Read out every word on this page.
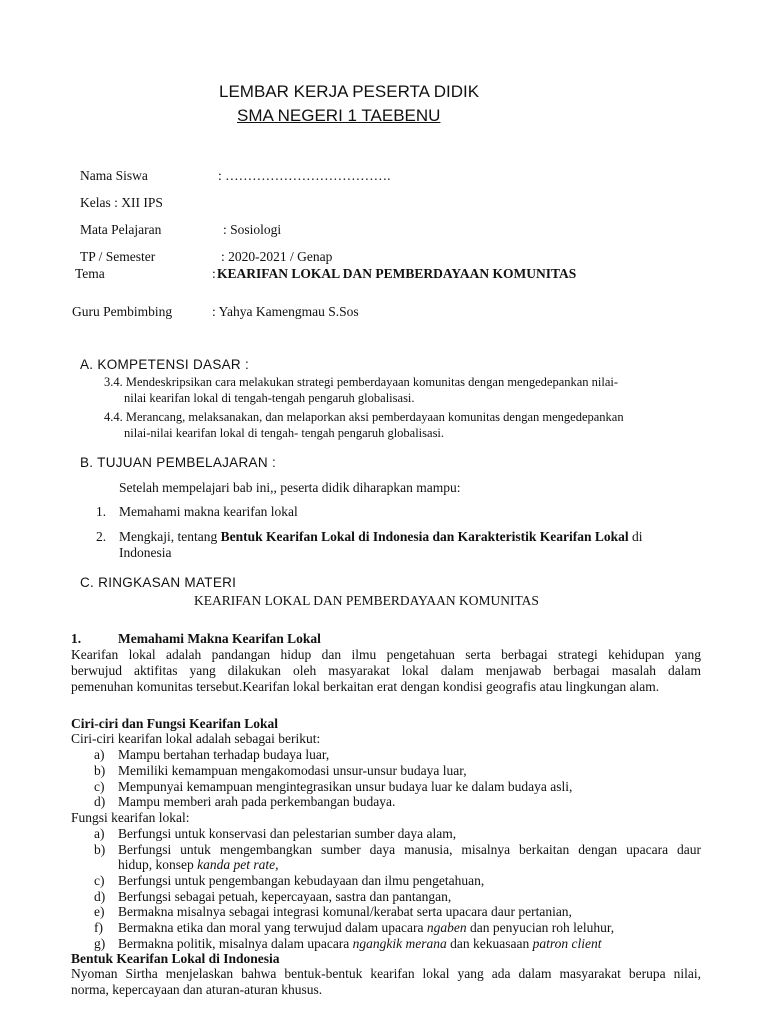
LEMBAR KERJA PESERTA DIDIK
SMA NEGERI 1 TAEBENU
Nama Siswa	: ……………………………….
Kelas : XII IPS
Mata Pelajaran	: Sosiologi
TP / Semester	: 2020-2021 / Genap
Tema	: KEARIFAN LOKAL DAN PEMBERDAYAAN KOMUNITAS
Guru Pembimbing	: Yahya Kamengmau S.Sos
A. KOMPETENSI DASAR :
3.4. Mendeskripsikan cara melakukan strategi pemberdayaan komunitas dengan mengedepankan nilai-
nilai kearifan lokal di tengah-tengah pengaruh globalisasi.
4.4. Merancang, melaksanakan, dan melaporkan aksi pemberdayaan komunitas dengan mengedepankan
nilai-nilai kearifan lokal di tengah- tengah pengaruh globalisasi.
B. TUJUAN PEMBELAJARAN :
Setelah mempelajari bab ini,, peserta didik diharapkan mampu:
1. Memahami makna kearifan lokal
2. Mengkaji, tentang Bentuk Kearifan Lokal di Indonesia dan Karakteristik Kearifan Lokal di
Indonesia
C. RINGKASAN MATERI
KEARIFAN LOKAL DAN PEMBERDAYAAN KOMUNITAS
1.	Memahami Makna Kearifan Lokal
Kearifan lokal adalah pandangan hidup dan ilmu pengetahuan serta berbagai strategi kehidupan yang
berwujud aktifitas yang dilakukan oleh masyarakat lokal dalam menjawab berbagai masalah dalam
pemenuhan komunitas tersebut.Kearifan lokal berkaitan erat dengan kondisi geografis atau lingkungan alam.
Ciri-ciri dan Fungsi Kearifan Lokal
Ciri-ciri kearifan lokal adalah sebagai berikut:
a) Mampu bertahan terhadap budaya luar,
b) Memiliki kemampuan mengakomodasi unsur-unsur budaya luar,
c) Mempunyai kemampuan mengintegrasikan unsur budaya luar ke dalam budaya asli,
d) Mampu memberi arah pada perkembangan budaya.
Fungsi kearifan lokal:
a) Berfungsi untuk konservasi dan pelestarian sumber daya alam,
b) Berfungsi untuk mengembangkan sumber daya manusia, misalnya berkaitan dengan upacara daur
hidup, konsep kanda pet rate,
c) Berfungsi untuk pengembangan kebudayaan dan ilmu pengetahuan,
d) Berfungsi sebagai petuah, kepercayaan, sastra dan pantangan,
e) Bermakna misalnya sebagai integrasi komunal/kerabat serta upacara daur pertanian,
f) Bermakna etika dan moral yang terwujud dalam upacara ngaben dan penyucian roh leluhur,
g) Bermakna politik, misalnya dalam upacara ngangkik merana dan kekuasaan patron client
Bentuk Kearifan Lokal di Indonesia
Nyoman Sirtha menjelaskan bahwa bentuk-bentuk kearifan lokal yang ada dalam masyarakat berupa nilai,
norma, kepercayaan dan aturan-aturan khusus.
